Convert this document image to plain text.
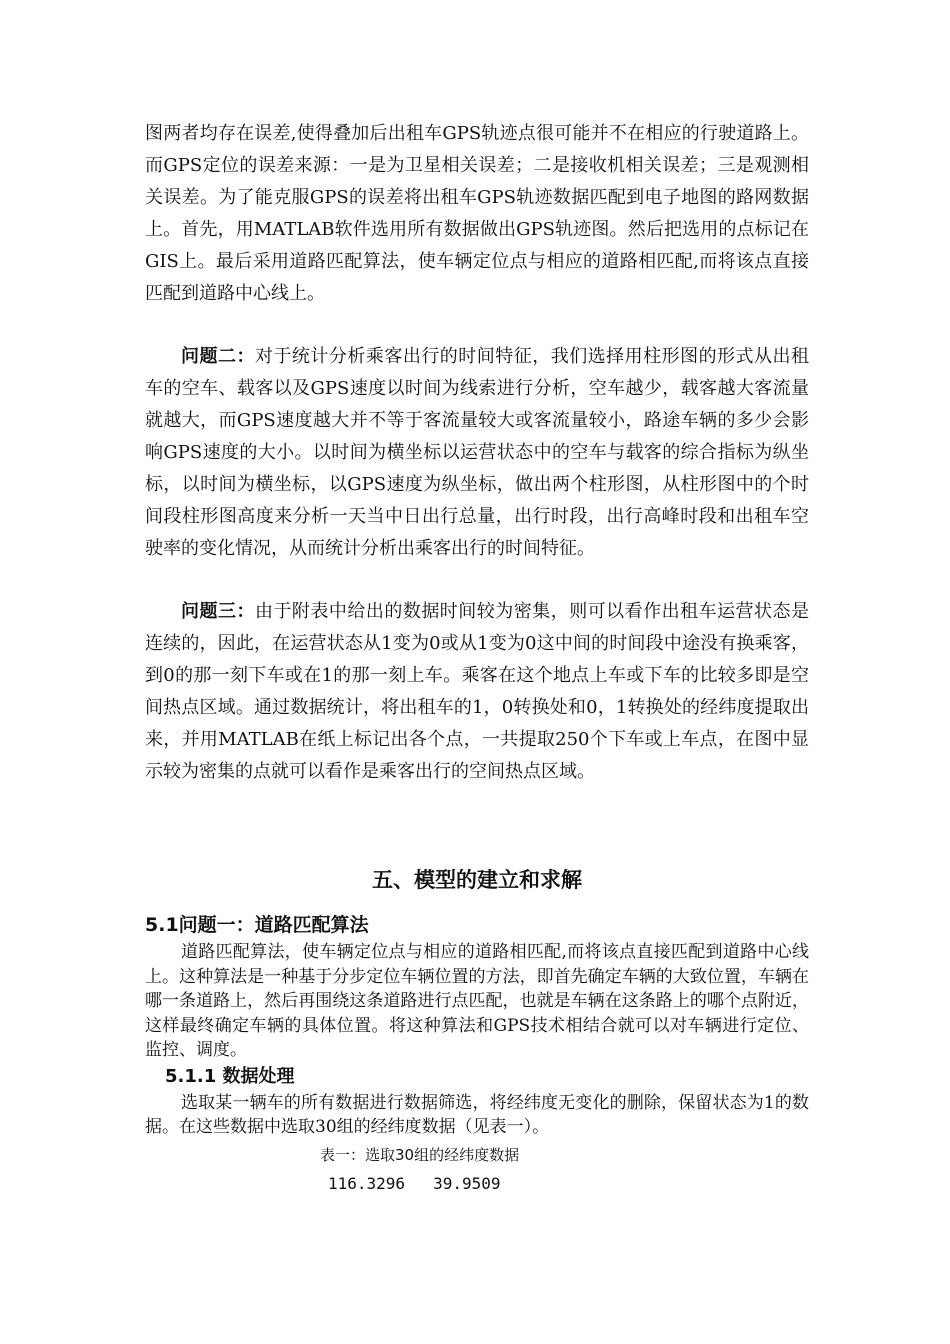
图两者均存在误差,使得叠加后出租车GPS轨迹点很可能并不在相应的行驶道路上。而GPS定位的误差来源：一是为卫星相关误差；二是接收机相关误差；三是观测相关误差。为了能克服GPS的误差将出租车GPS轨迹数据匹配到电子地图的路网数据上。首先，用MATLAB软件选用所有数据做出GPS轨迹图。然后把选用的点标记在GIS上。最后采用道路匹配算法，使车辆定位点与相应的道路相匹配,而将该点直接匹配到道路中心线上。

问题二：对于统计分析乘客出行的时间特征，我们选择用柱形图的形式从出租车的空车、载客以及GPS速度以时间为线索进行分析，空车越少，载客越大客流量就越大，而GPS速度越大并不等于客流量较大或客流量较小，路途车辆的多少会影响GPS速度的大小。以时间为横坐标以运营状态中的空车与载客的综合指标为纵坐标，以时间为横坐标，以GPS速度为纵坐标，做出两个柱形图，从柱形图中的个时间段柱形图高度来分析一天当中日出行总量，出行时段，出行高峰时段和出租车空驶率的变化情况，从而统计分析出乘客出行的时间特征。

问题三：由于附表中给出的数据时间较为密集，则可以看作出租车运营状态是连续的，因此，在运营状态从1变为0或从1变为0这中间的时间段中途没有换乘客，到0的那一刻下车或在1的那一刻上车。乘客在这个地点上车或下车的比较多即是空间热点区域。通过数据统计，将出租车的1，0转换处和0，1转换处的经纬度提取出来，并用MATLAB在纸上标记出各个点，一共提取250个下车或上车点，在图中显示较为密集的点就可以看作是乘客出行的空间热点区域。

五、模型的建立和求解
5.1问题一：道路匹配算法

道路匹配算法，使车辆定位点与相应的道路相匹配,而将该点直接匹配到道路中心线上。这种算法是一种基于分步定位车辆位置的方法，即首先确定车辆的大致位置，车辆在哪一条道路上，然后再围绕这条道路进行点匹配，也就是车辆在这条路上的哪个点附近，这样最终确定车辆的具体位置。将这种算法和GPS技术相结合就可以对车辆进行定位、监控、调度。

5.1.1 数据处理

选取某一辆车的所有数据进行数据筛选，将经纬度无变化的删除，保留状态为1的数据。在这些数据中选取30组的经纬度数据（见表一）。

表一：选取30组的经纬度数据

116.3296 39.9509
